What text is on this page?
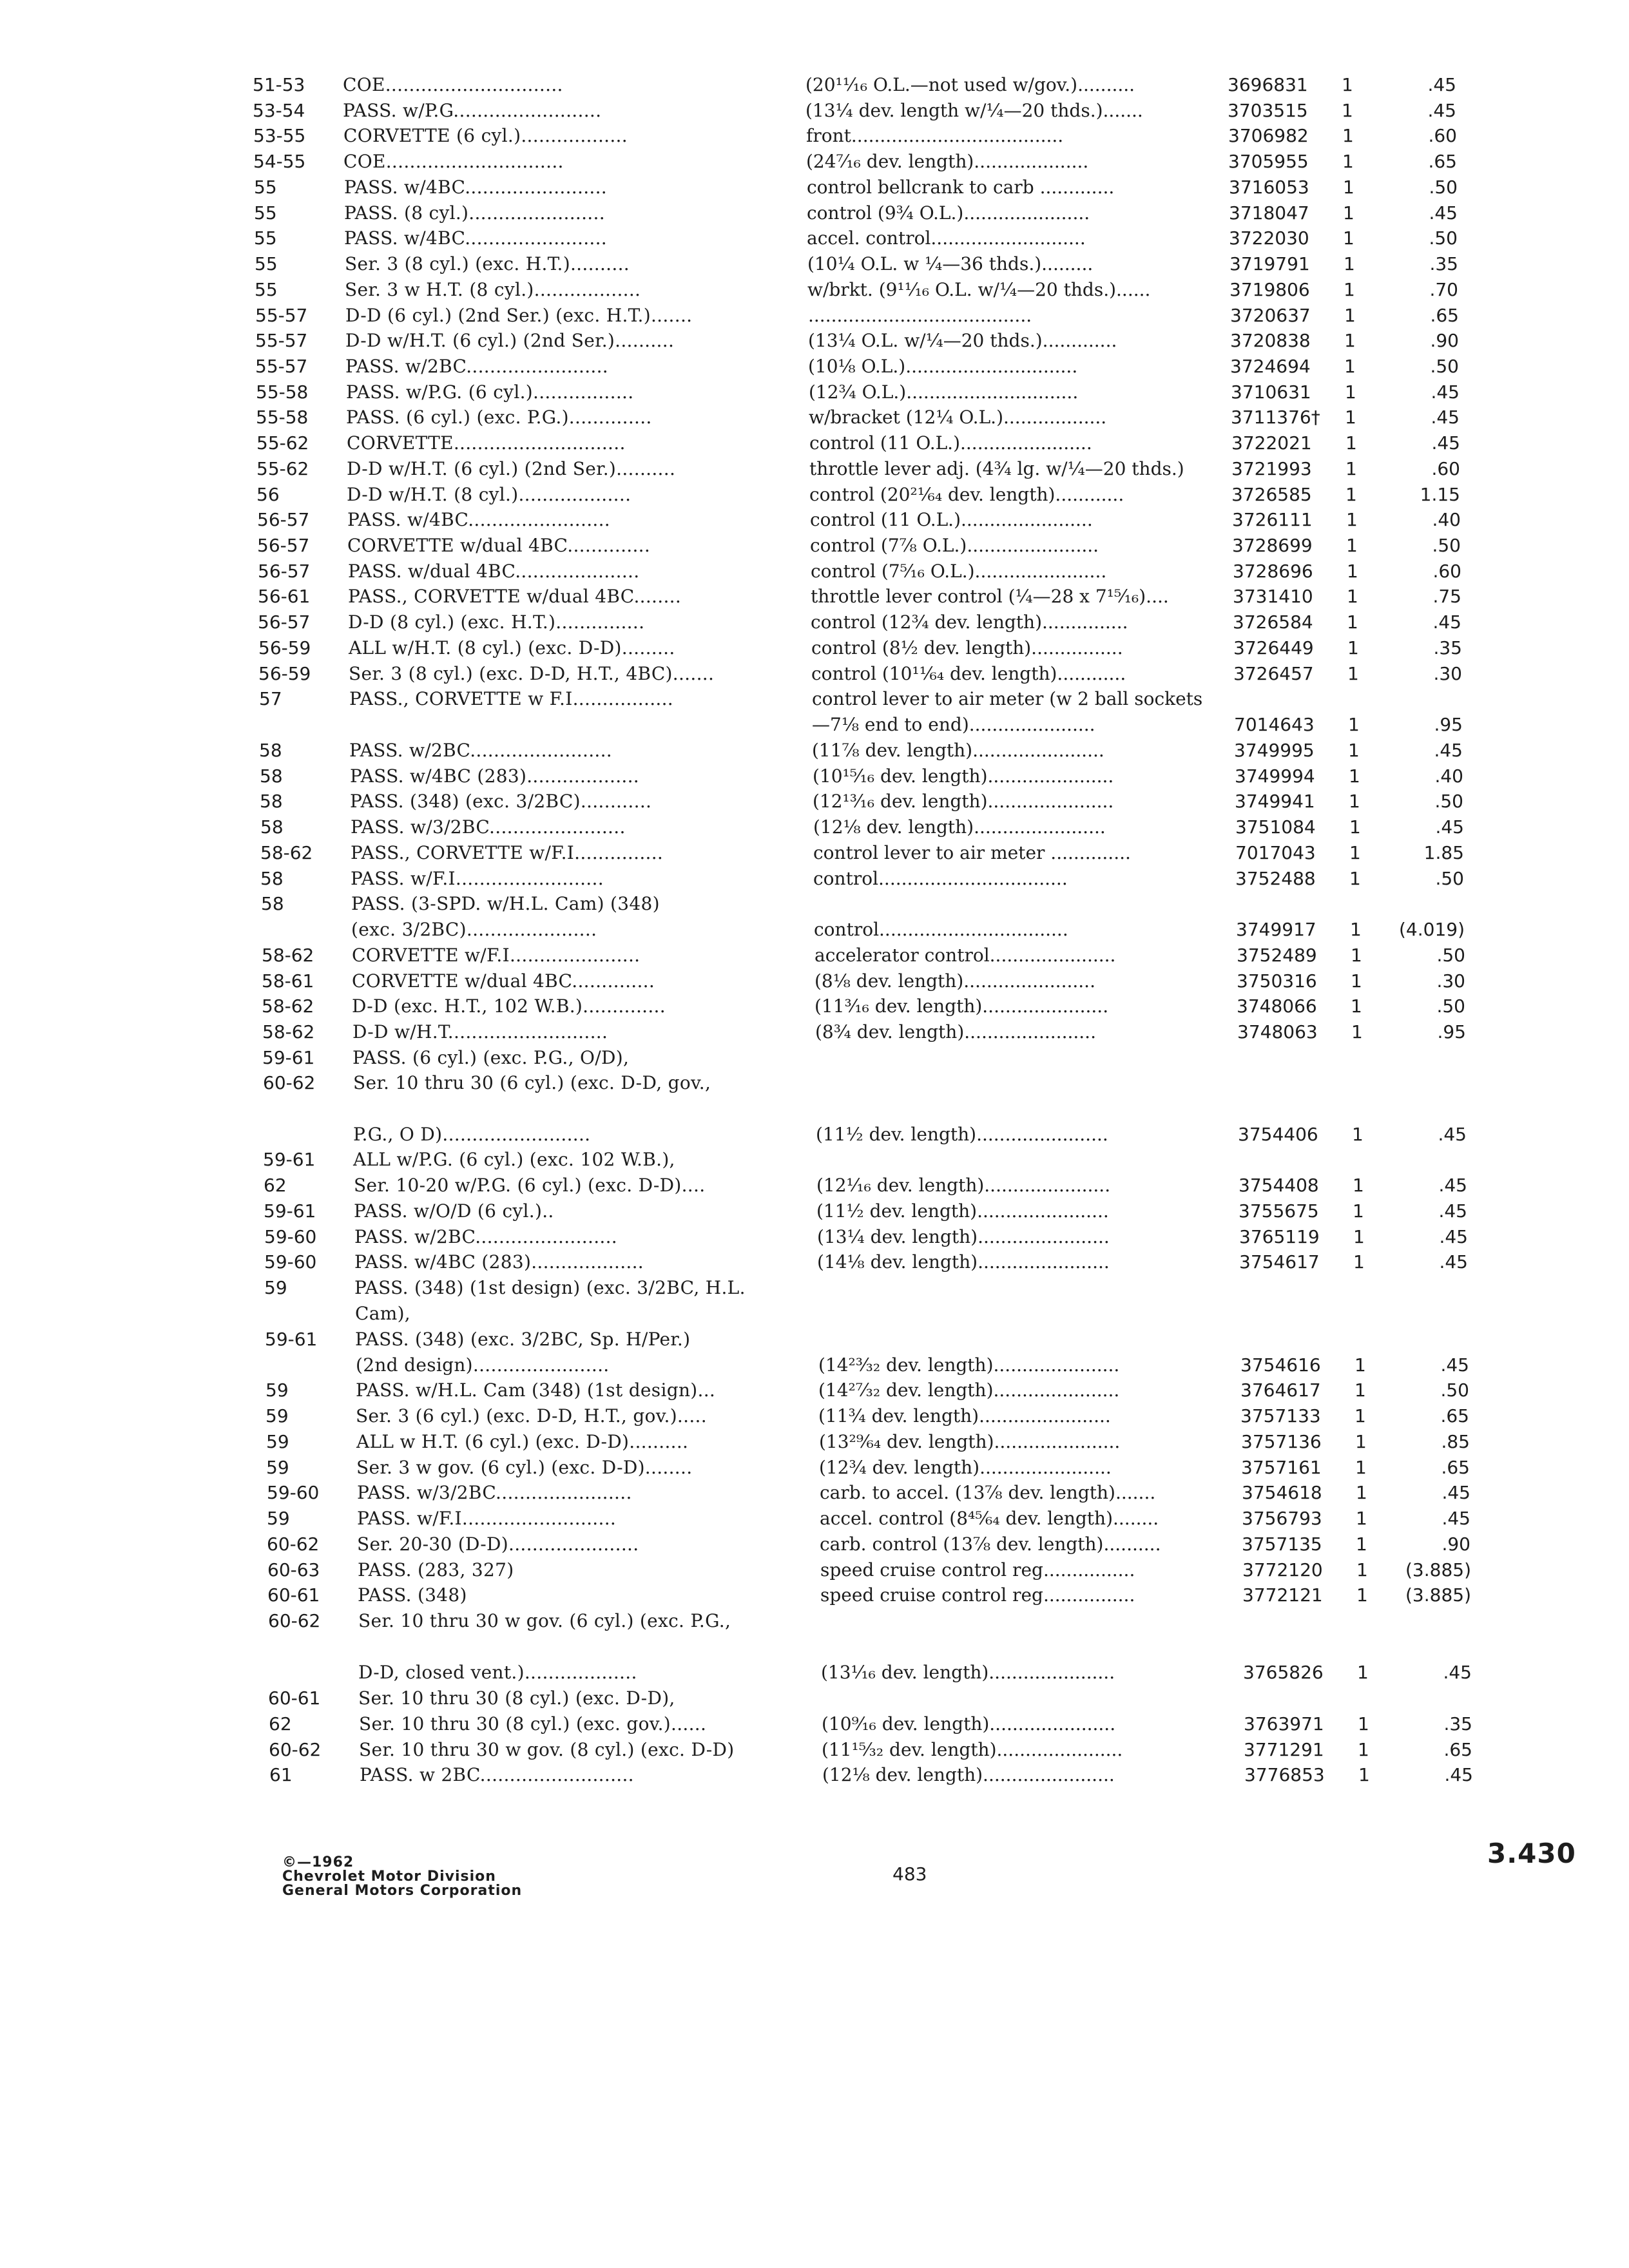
51-53 COE..............................	(20¹¹⁄₁₆ O.L.—not used w/gov.)..........	3696831 1	.45
53-54 PASS. w/P.G.........................	(13¼ dev. length w/¼—20 thds.).......	3703515 1	.45
53-55 CORVETTE (6 cyl.)..................	front.....................................	3706982 1	.60
54-55 COE..............................	(24⁷⁄₁₆ dev. length)....................	3705955 1	.65
55	PASS. w/4BC........................	control bellcrank to carb .............	3716053 1	.50
55	PASS. (8 cyl.).......................	control (9¾ O.L.)......................	3718047 1	.45
55	PASS. w/4BC........................	accel. control...........................	3722030 1	.50
55	Ser. 3 (8 cyl.) (exc. H.T.)..........	(10¼ O.L. w ¼—36 thds.).........	3719791 1	.35
55	Ser. 3 w H.T. (8 cyl.)..................	w/brkt. (9¹¹⁄₁₆ O.L. w/¼—20 thds.)......	3719806 1	.70
55-57 D-D (6 cyl.) (2nd Ser.) (exc. H.T.).......	.......................................	3720637 1	.65
55-57 D-D w/H.T. (6 cyl.) (2nd Ser.)..........	(13¼ O.L. w/¼—20 thds.).............	3720838 1	.90
55-57 PASS. w/2BC........................	(10⅛ O.L.)..............................	3724694 1	.50
55-58 PASS. w/P.G. (6 cyl.).................	(12¾ O.L.)..............................	3710631 1	.45
55-58 PASS. (6 cyl.) (exc. P.G.)..............	w/bracket (12¼ O.L.)..................	3711376† 1	.45
55-62 CORVETTE.............................	control (11 O.L.).......................	3722021 1	.45
55-62 D-D w/H.T. (6 cyl.) (2nd Ser.)..........	throttle lever adj. (4¾ lg. w/¼—20 thds.)	3721993 1	.60
56	D-D w/H.T. (8 cyl.)...................	control (20²¹⁄₆₄ dev. length)............	3726585 1	1.15
56-57 PASS. w/4BC........................	control (11 O.L.).......................	3726111 1	.40
56-57 CORVETTE w/dual 4BC..............	control (7⅞ O.L.).......................	3728699 1	.50
56-57 PASS. w/dual 4BC.....................	control (7⁵⁄₁₆ O.L.).......................	3728696 1	.60
56-61 PASS., CORVETTE w/dual 4BC........	throttle lever control (¼—28 x 7¹⁵⁄₁₆)....	3731410 1	.75
56-57 D-D (8 cyl.) (exc. H.T.)...............	control (12¾ dev. length)...............	3726584 1	.45
56-59 ALL w/H.T. (8 cyl.) (exc. D-D).........	control (8½ dev. length)................	3726449 1	.35
56-59 Ser. 3 (8 cyl.) (exc. D-D, H.T., 4BC).......	control (10¹¹⁄₆₄ dev. length)............	3726457 1	.30
57	PASS., CORVETTE w F.I.................	control lever to air meter (w 2 ball sockets
—7⅛ end to end)......................	7014643 1	.95
58	PASS. w/2BC........................	(11⅞ dev. length).......................	3749995 1	.45
58	PASS. w/4BC (283)...................	(10¹⁵⁄₁₆ dev. length)......................	3749994 1	.40
58	PASS. (348) (exc. 3/2BC)............	(12¹³⁄₁₆ dev. length)......................	3749941 1	.50
58	PASS. w/3/2BC.......................	(12⅛ dev. length).......................	3751084 1	.45
58-62 PASS., CORVETTE w/F.I...............	control lever to air meter ..............	7017043 1	1.85
58	PASS. w/F.I.........................	control.................................	3752488 1	.50
58	PASS. (3-SPD. w/H.L. Cam) (348)
(exc. 3/2BC)......................	control.................................	3749917 1	(4.019)
58-62 CORVETTE w/F.I......................	accelerator control......................	3752489 1	.50
58-61 CORVETTE w/dual 4BC..............	(8⅛ dev. length).......................	3750316 1	.30
58-62 D-D (exc. H.T., 102 W.B.)..............	(11³⁄₁₆ dev. length)......................	3748066 1	.50
58-62 D-D w/H.T...........................	(8¾ dev. length).......................	3748063 1	.95
59-61 PASS. (6 cyl.) (exc. P.G., O/D),
60-62 Ser. 10 thru 30 (6 cyl.) (exc. D-D, gov.,
P.G., O D).........................	(11½ dev. length).......................	3754406 1	.45
59-61 ALL w/P.G. (6 cyl.) (exc. 102 W.B.),
62	Ser. 10-20 w/P.G. (6 cyl.) (exc. D-D)....	(12¹⁄₁₆ dev. length)......................	3754408 1	.45
59-61 PASS. w/O/D (6 cyl.)..	(11½ dev. length).......................	3755675 1	.45
59-60 PASS. w/2BC........................	(13¼ dev. length).......................	3765119 1	.45
59-60 PASS. w/4BC (283)...................	(14⅛ dev. length).......................	3754617 1	.45
59	PASS. (348) (1st design) (exc. 3/2BC, H.L.
Cam),
59-61 PASS. (348) (exc. 3/2BC, Sp. H/Per.)
(2nd design).......................	(14²³⁄₃₂ dev. length)......................	3754616 1	.45
59	PASS. w/H.L. Cam (348) (1st design)...	(14²⁷⁄₃₂ dev. length)......................	3764617 1	.50
59	Ser. 3 (6 cyl.) (exc. D-D, H.T., gov.).....	(11¾ dev. length).......................	3757133 1	.65
59	ALL w H.T. (6 cyl.) (exc. D-D)..........	(13²⁹⁄₆₄ dev. length)......................	3757136 1	.85
59	Ser. 3 w gov. (6 cyl.) (exc. D-D)........	(12¾ dev. length).......................	3757161 1	.65
59-60 PASS. w/3/2BC.......................	carb. to accel. (13⅞ dev. length).......	3754618 1	.45
59	PASS. w/F.I..........................	accel. control (8⁴⁵⁄₆₄ dev. length)........	3756793 1	.45
60-62 Ser. 20-30 (D-D)......................	carb. control (13⅞ dev. length)..........	3757135 1	.90
60-63 PASS. (283, 327)	speed cruise control reg................	3772120 1	(3.885)
60-61 PASS. (348)	speed cruise control reg................	3772121 1	(3.885)
60-62 Ser. 10 thru 30 w gov. (6 cyl.) (exc. P.G.,
D-D, closed vent.)...................	(13¹⁄₁₆ dev. length)......................	3765826 1	.45
60-61 Ser. 10 thru 30 (8 cyl.) (exc. D-D),
62	Ser. 10 thru 30 (8 cyl.) (exc. gov.)......	(10⁹⁄₁₆ dev. length)......................	3763971 1	.35
60-62 Ser. 10 thru 30 w gov. (8 cyl.) (exc. D-D)	(11¹⁵⁄₃₂ dev. length)......................	3771291 1	.65
61	PASS. w 2BC..........................	(12¹⁄₈ dev. length).......................	3776853 1	.45
©—1962
Chevrolet Motor Division
General Motors Corporation
483
3.430
